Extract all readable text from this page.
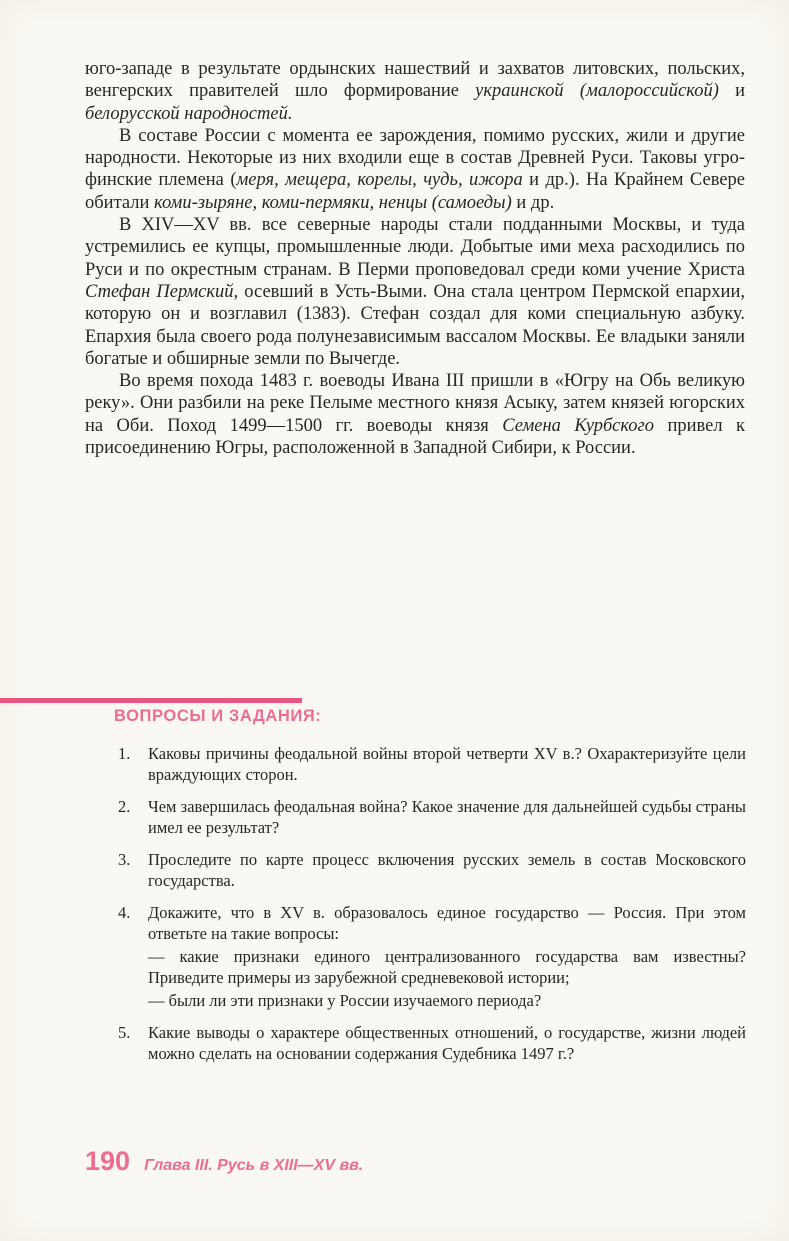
юго-западе в результате ордынских нашествий и захватов литовских, польских, венгерских правителей шло формирование украинской (малороссийской) и белорусской народностей.

В составе России с момента ее зарождения, помимо русских, жили и другие народности. Некоторые из них входили еще в состав Древней Руси. Таковы угро-финские племена (меря, мещера, корелы, чудь, ижора и др.). На Крайнем Севере обитали коми-зыряне, коми-пермяки, ненцы (самоеды) и др.

В XIV—XV вв. все северные народы стали подданными Москвы, и туда устремились ее купцы, промышленные люди. Добытые ими меха расходились по Руси и по окрестным странам. В Перми проповедовал среди коми учение Христа Стефан Пермский, осевший в Усть-Выми. Она стала центром Пермской епархии, которую он и возглавил (1383). Стефан создал для коми специальную азбуку. Епархия была своего рода полунезависимым вассалом Москвы. Ее владыки заняли богатые и обширные земли по Вычегде.

Во время похода 1483 г. воеводы Ивана III пришли в «Югру на Обь великую реку». Они разбили на реке Пелыме местного князя Асыку, затем князей югорских на Оби. Поход 1499—1500 гг. воеводы князя Семена Курбского привел к присоединению Югры, расположенной в Западной Сибири, к России.

ВОПРОСЫ И ЗАДАНИЯ:
1.	Каковы причины феодальной войны второй четверти XV в.? Охарактеризуйте цели враждующих сторон.
2.	Чем завершилась феодальная война? Какое значение для дальнейшей судьбы страны имел ее результат?
3.	Проследите по карте процесс включения русских земель в состав Московского государства.
4.	Докажите, что в XV в. образовалось единое государство — Россия. При этом ответьте на такие вопросы:
— какие признаки единого централизованного государства вам известны? Приведите примеры из зарубежной средневековой истории;
— были ли эти признаки у России изучаемого периода?
5.	Какие выводы о характере общественных отношений, о государстве, жизни людей можно сделать на основании содержания Судебника 1497 г.?
190 Глава III. Русь в XIII—XV вв.
